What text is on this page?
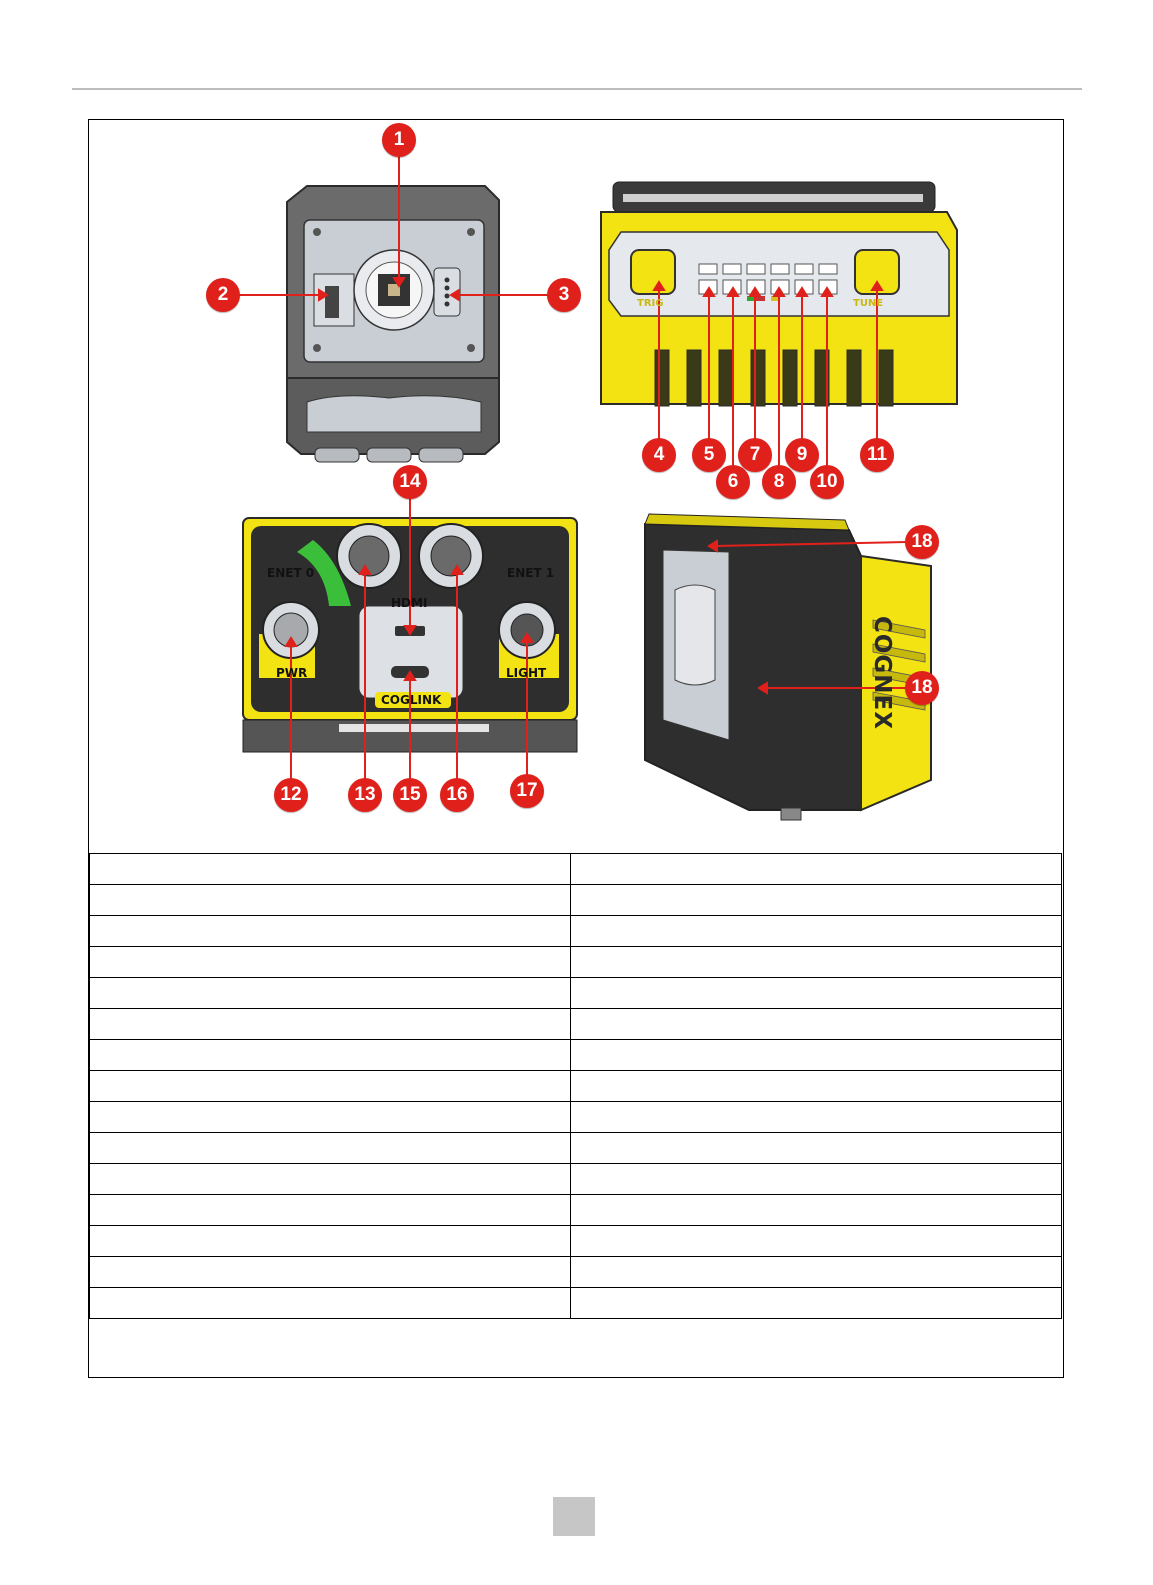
1
2	3
4	5
6
7
8
9
10
11
12	13
14
15	16	17
18
18
ENET 0	ENET 1
HDMI
PWR	LIGHT
COGLINK
TRIG	TUNE
COGNEX
